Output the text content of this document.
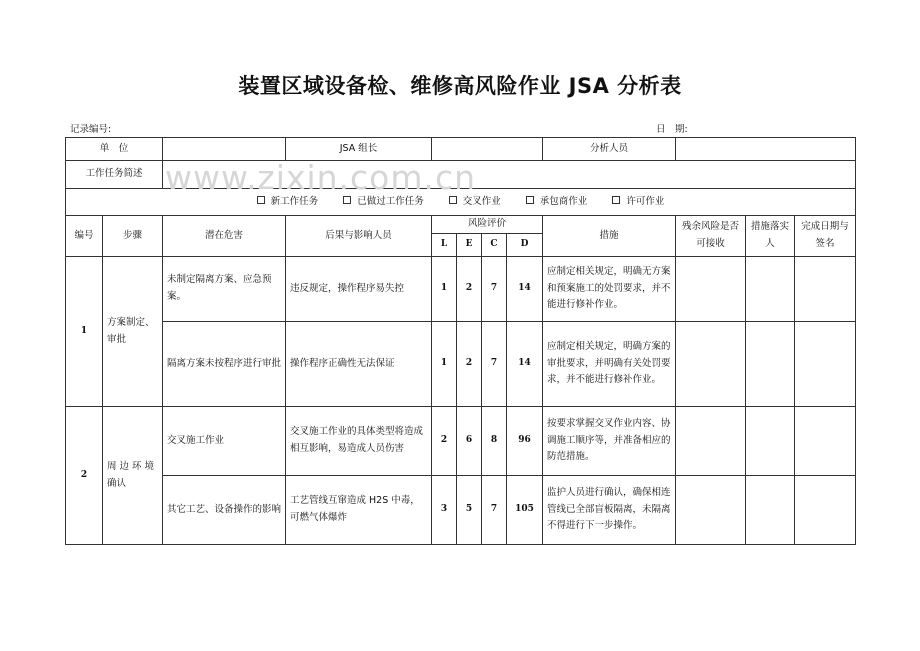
装置区域设备检、维修高风险作业 JSA 分析表
记录编号:	日　期:
单　位			JSA 组长					分析人员			
工作任务简述											
新工作任务 已做过工作任务 交叉作业 承包商作业 许可作业											
编号	步骤	潜在危害	后果与影响人员	风险评价				措施	残余风险是否可接收	措施落实人	完成日期与签名
				L	E	C	D				
1	方案制定、审批	未制定隔离方案、应急预案。	违反规定，操作程序易失控	1	2	7	14	应制定相关规定，明确无方案和预案施工的处罚要求，并不能进行修补作业。			
		隔离方案未按程序进行审批	操作程序正确性无法保证	1	2	7	14	应制定相关规定，明确方案的审批要求，并明确有关处罚要求，并不能进行修补作业。			
2	周 边 环 境 确认	交叉施工作业	交叉施工作业的具体类型将造成相互影响，易造成人员伤害	2	6	8	96	按要求掌握交叉作业内容、协调施工顺序等，并准备相应的防范措施。			
		其它工艺、设备操作的影响	工艺管线互窜造成 H2S 中毒，可燃气体爆炸	3	5	7	105	监护人员进行确认，确保相连管线已全部盲板隔离，未隔离不得进行下一步操作。			
www.zixin.com.cn
